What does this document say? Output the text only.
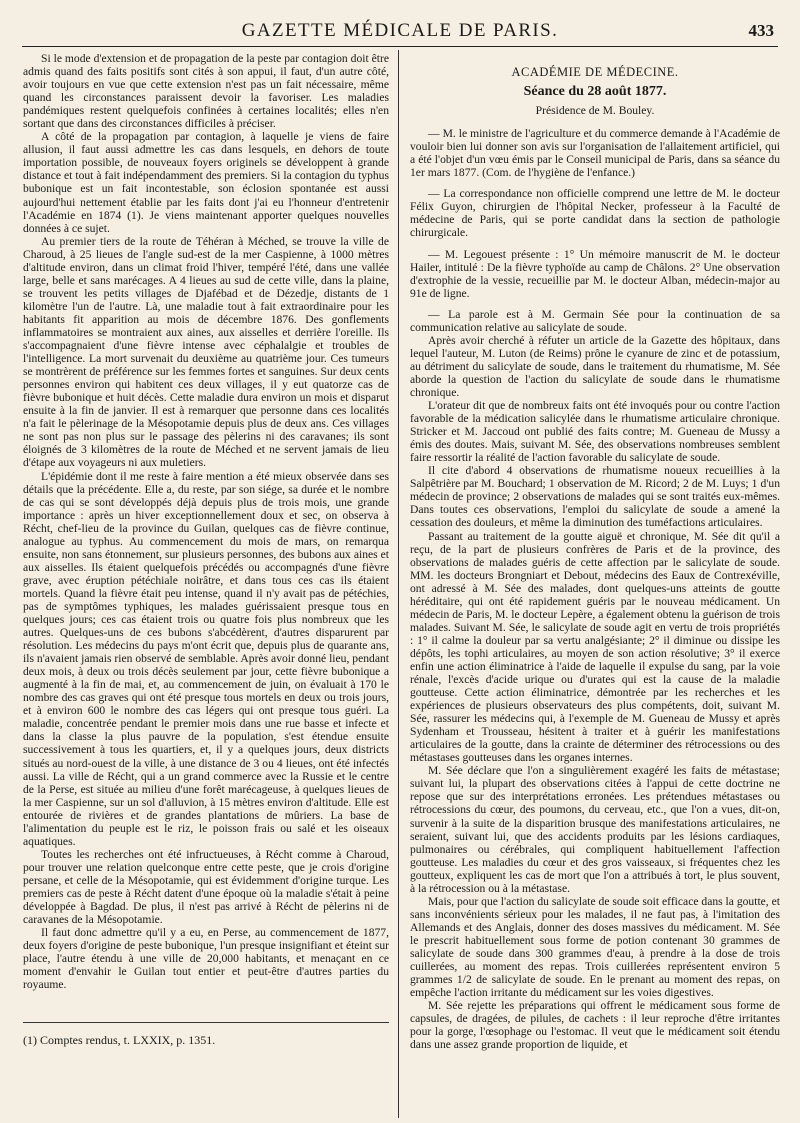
GAZETTE MÉDICALE DE PARIS.	433

Si le mode d'extension et de propagation de la peste par contagion doit être admis quand des faits positifs sont cités à son appui, il faut, d'un autre côté, avoir toujours en vue que cette extension n'est pas un fait nécessaire, même quand les circonstances paraissent devoir la favoriser. Les maladies pandémiques restent quelquefois confinées à certaines localités; elles n'en sortant que dans des circonstances difficiles à préciser.

A côté de la propagation par contagion, à laquelle je viens de faire allusion, il faut aussi admettre les cas dans lesquels, en dehors de toute importation possible, de nouveaux foyers originels se développent à grande distance et tout à fait indépendamment des premiers. Si la contagion du typhus bubonique est un fait incontestable, son éclosion spontanée est aussi aujourd'hui nettement établie par les faits dont j'ai eu l'honneur d'entretenir l'Académie en 1874 (1). Je viens maintenant apporter quelques nouvelles données à ce sujet.

Au premier tiers de la route de Téhéran à Méched, se trouve la ville de Charoud, à 25 lieues de l'angle sud-est de la mer Caspienne, à 1000 mètres d'altitude environ, dans un climat froid l'hiver, tempéré l'été, dans une vallée large, belle et sans marécages. A 4 lieues au sud de cette ville, dans la plaine, se trouvent les petits villages de Djafébad et de Dézedje, distants de 1 kilomètre l'un de l'autre. Là, une maladie tout à fait extraordinaire pour les habitants fit apparition au mois de décembre 1876. Des gonflements inflammatoires se montraient aux aines, aux aisselles et derrière l'oreille. Ils s'accompagnaient d'une fièvre intense avec céphalalgie et troubles de l'intelligence. La mort survenait du deuxième au quatrième jour. Ces tumeurs se montrèrent de préférence sur les femmes fortes et sanguines. Sur deux cents personnes environ qui habitent ces deux villages, il y eut quatorze cas de fièvre bubonique et huit décès. Cette maladie dura environ un mois et disparut ensuite à la fin de janvier. Il est à remarquer que personne dans ces localités n'a fait le pèlerinage de la Mésopotamie depuis plus de deux ans. Ces villages ne sont pas non plus sur le passage des pèlerins ni des caravanes; ils sont éloignés de 3 kilomètres de la route de Méched et ne servent jamais de lieu d'étape aux voyageurs ni aux muletiers.

L'épidémie dont il me reste à faire mention a été mieux observée dans ses détails que la précédente. Elle a, du reste, par son siége, sa durée et le nombre de cas qui se sont développés déjà depuis plus de trois mois, une grande importance : après un hiver exceptionnellement doux et sec, on observa à Récht, chef-lieu de la province du Guilan, quelques cas de fièvre continue, analogue au typhus. Au commencement du mois de mars, on remarqua ensuite, non sans étonnement, sur plusieurs personnes, des bubons aux aines et aux aisselles. Ils étaient quelquefois précédés ou accompagnés d'une fièvre grave, avec éruption pétéchiale noirâtre, et dans tous ces cas ils étaient mortels. Quand la fièvre était peu intense, quand il n'y avait pas de pétéchies, pas de symptômes typhiques, les malades guérissaient presque tous en quelques jours; ces cas étaient trois ou quatre fois plus nombreux que les autres. Quelques-uns de ces bubons s'abcédèrent, d'autres disparurent par résolution. Les médecins du pays m'ont écrit que, depuis plus de quarante ans, ils n'avaient jamais rien observé de semblable. Après avoir donné lieu, pendant deux mois, à deux ou trois décès seulement par jour, cette fièvre bubonique a augmenté à la fin de mai, et, au commencement de juin, on évaluait à 170 le nombre des cas graves qui ont été presque tous mortels en deux ou trois jours, et à environ 600 le nombre des cas légers qui ont presque tous guéri. La maladie, concentrée pendant le premier mois dans une rue basse et infecte et dans la classe la plus pauvre de la population, s'est étendue ensuite successivement à tous les quartiers, et, il y a quelques jours, deux districts situés au nord-ouest de la ville, à une distance de 3 ou 4 lieues, ont été infectés aussi. La ville de Récht, qui a un grand commerce avec la Russie et le centre de la Perse, est située au milieu d'une forêt marécageuse, à quelques lieues de la mer Caspienne, sur un sol d'alluvion, à 15 mètres environ d'altitude. Elle est entourée de rivières et de grandes plantations de mûriers. La base de l'alimentation du peuple est le riz, le poisson frais ou salé et les oiseaux aquatiques.

Toutes les recherches ont été infructueuses, à Récht comme à Charoud, pour trouver une relation quelconque entre cette peste, que je crois d'origine persane, et celle de la Mésopotamie, qui est évidemment d'origine turque. Les premiers cas de peste à Récht datent d'une époque où la maladie s'était à peine développée à Bagdad. De plus, il n'est pas arrivé à Récht de pèlerins ni de caravanes de la Mésopotamie.

Il faut donc admettre qu'il y a eu, en Perse, au commencement de 1877, deux foyers d'origine de peste bubonique, l'un presque insignifiant et éteint sur place, l'autre étendu à une ville de 20,000 habitants, et menaçant en ce moment d'envahir le Guilan tout entier et peut-être d'autres parties du royaume.

(1) Comptes rendus, t. LXXIX, p. 1351.

ACADÉMIE DE MÉDECINE.

Séance du 28 août 1877.

Présidence de M. Bouley.

— M. le ministre de l'agriculture et du commerce demande à l'Académie de vouloir bien lui donner son avis sur l'organisation de l'allaitement artificiel, qui a été l'objet d'un vœu émis par le Conseil municipal de Paris, dans sa séance du 1er mars 1877. (Com. de l'hygiène de l'enfance.)

— La correspondance non officielle comprend une lettre de M. le docteur Félix Guyon, chirurgien de l'hôpital Necker, professeur à la Faculté de médecine de Paris, qui se porte candidat dans la section de pathologie chirurgicale.

— M. Legouest présente : 1° Un mémoire manuscrit de M. le docteur Hailer, intitulé : De la fièvre typhoïde au camp de Châlons. 2° Une observation d'extrophie de la vessie, recueillie par M. le docteur Alban, médecin-major au 91e de ligne.

— La parole est à M. Germain Sée pour la continuation de sa communication relative au salicylate de soude.

Après avoir cherché à réfuter un article de la Gazette des hôpitaux, dans lequel l'auteur, M. Luton (de Reims) prône le cyanure de zinc et de potassium, au détriment du salicylate de soude, dans le traitement du rhumatisme, M. Sée aborde la question de l'action du salicylate de soude dans le rhumatisme chronique.

L'orateur dit que de nombreux faits ont été invoqués pour ou contre l'action favorable de la médication salicylée dans le rhumatisme articulaire chronique. Stricker et M. Jaccoud ont publié des faits contre; M. Gueneau de Mussy a émis des doutes. Mais, suivant M. Sée, des observations nombreuses semblent faire ressortir la réalité de l'action favorable du salicylate de soude.

Il cite d'abord 4 observations de rhumatisme noueux recueillies à la Salpêtrière par M. Bouchard; 1 observation de M. Ricord; 2 de M. Luys; 1 d'un médecin de province; 2 observations de malades qui se sont traités eux-mêmes. Dans toutes ces observations, l'emploi du salicylate de soude a amené la cessation des douleurs, et même la diminution des tuméfactions articulaires.

Passant au traitement de la goutte aiguë et chronique, M. Sée dit qu'il a reçu, de la part de plusieurs confrères de Paris et de la province, des observations de malades guéris de cette affection par le salicylate de soude. MM. les docteurs Brongniart et Debout, médecins des Eaux de Contrexéville, ont adressé à M. Sée des malades, dont quelques-uns atteints de goutte héréditaire, qui ont été rapidement guéris par le nouveau médicament. Un médecin de Paris, M. le docteur Lepère, a également obtenu la guérison de trois malades. Suivant M. Sée, le salicylate de soude agit en vertu de trois propriétés : 1° il calme la douleur par sa vertu analgésiante; 2° il diminue ou dissipe les dépôts, les tophi articulaires, au moyen de son action résolutive; 3° il exerce enfin une action éliminatrice à l'aide de laquelle il expulse du sang, par la voie rénale, l'excès d'acide urique ou d'urates qui est la cause de la maladie goutteuse. Cette action éliminatrice, démontrée par les recherches et les expériences de plusieurs observateurs des plus compétents, doit, suivant M. Sée, rassurer les médecins qui, à l'exemple de M. Gueneau de Mussy et après Sydenham et Trousseau, hésitent à traiter et à guérir les manifestations articulaires de la goutte, dans la crainte de déterminer des rétrocessions ou des métastases goutteuses dans les organes internes.

M. Sée déclare que l'on a singulièrement exagéré les faits de métastase; suivant lui, la plupart des observations citées à l'appui de cette doctrine ne repose que sur des interprétations erronées. Les prétendues métastases ou rétrocessions du cœur, des poumons, du cerveau, etc., que l'on a vues, dit-on, survenir à la suite de la disparition brusque des manifestations articulaires, ne seraient, suivant lui, que des accidents produits par les lésions cardiaques, pulmonaires ou cérébrales, qui compliquent habituellement l'affection goutteuse. Les maladies du cœur et des gros vaisseaux, si fréquentes chez les goutteux, expliquent les cas de mort que l'on a attribués à tort, le plus souvent, à la rétrocession ou à la métastase.

Mais, pour que l'action du salicylate de soude soit efficace dans la goutte, et sans inconvénients sérieux pour les malades, il ne faut pas, à l'imitation des Allemands et des Anglais, donner des doses massives du médicament. M. Sée le prescrit habituellement sous forme de potion contenant 30 grammes de salicylate de soude dans 300 grammes d'eau, à prendre à la dose de trois cuillerées, au moment des repas. Trois cuillerées représentent environ 5 grammes 1/2 de salicylate de soude. En le prenant au moment des repas, on empêche l'action irritante du médicament sur les voies digestives.

M. Sée rejette les préparations qui offrent le médicament sous forme de capsules, de dragées, de pilules, de cachets : il leur reproche d'être irritantes pour la gorge, l'œsophage ou l'estomac. Il veut que le médicament soit étendu dans une assez grande proportion de liquide, et
